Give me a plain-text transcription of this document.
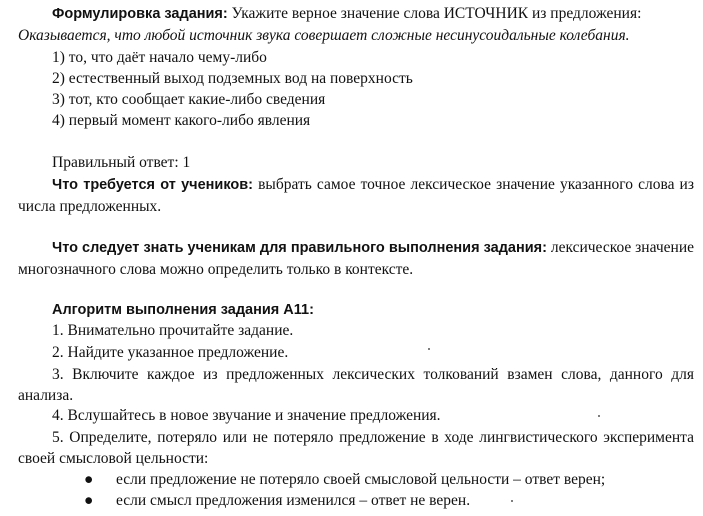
Формулировка задания: Укажите верное значение слова ИСТОЧНИК из предложения:
Оказывается, что любой источник звука совершает сложные несинусоидальные колебания.
1) то, что даёт начало чему-либо
2) естественный выход подземных вод на поверхность
3) тот, кто сообщает какие-либо сведения
4) первый момент какого-либо явления
Правильный ответ: 1
Что требуется от учеников: выбрать самое точное лексическое значение указанного слова из числа предложенных.
Что следует знать ученикам для правильного выполнения задания: лексическое значение многозначного слова можно определить только в контексте.
Алгоритм выполнения задания А11:
1. Внимательно прочитайте задание.
2. Найдите указанное предложение.
3. Включите каждое из предложенных лексических толкований взамен слова, данного для анализа.
4. Вслушайтесь в новое звучание и значение предложения.
5. Определите, потеряло или не потеряло предложение в ходе лингвистического эксперимента своей смысловой цельности:
● если предложение не потеряло своей смысловой цельности – ответ верен;
● если смысл предложения изменился – ответ не верен.
